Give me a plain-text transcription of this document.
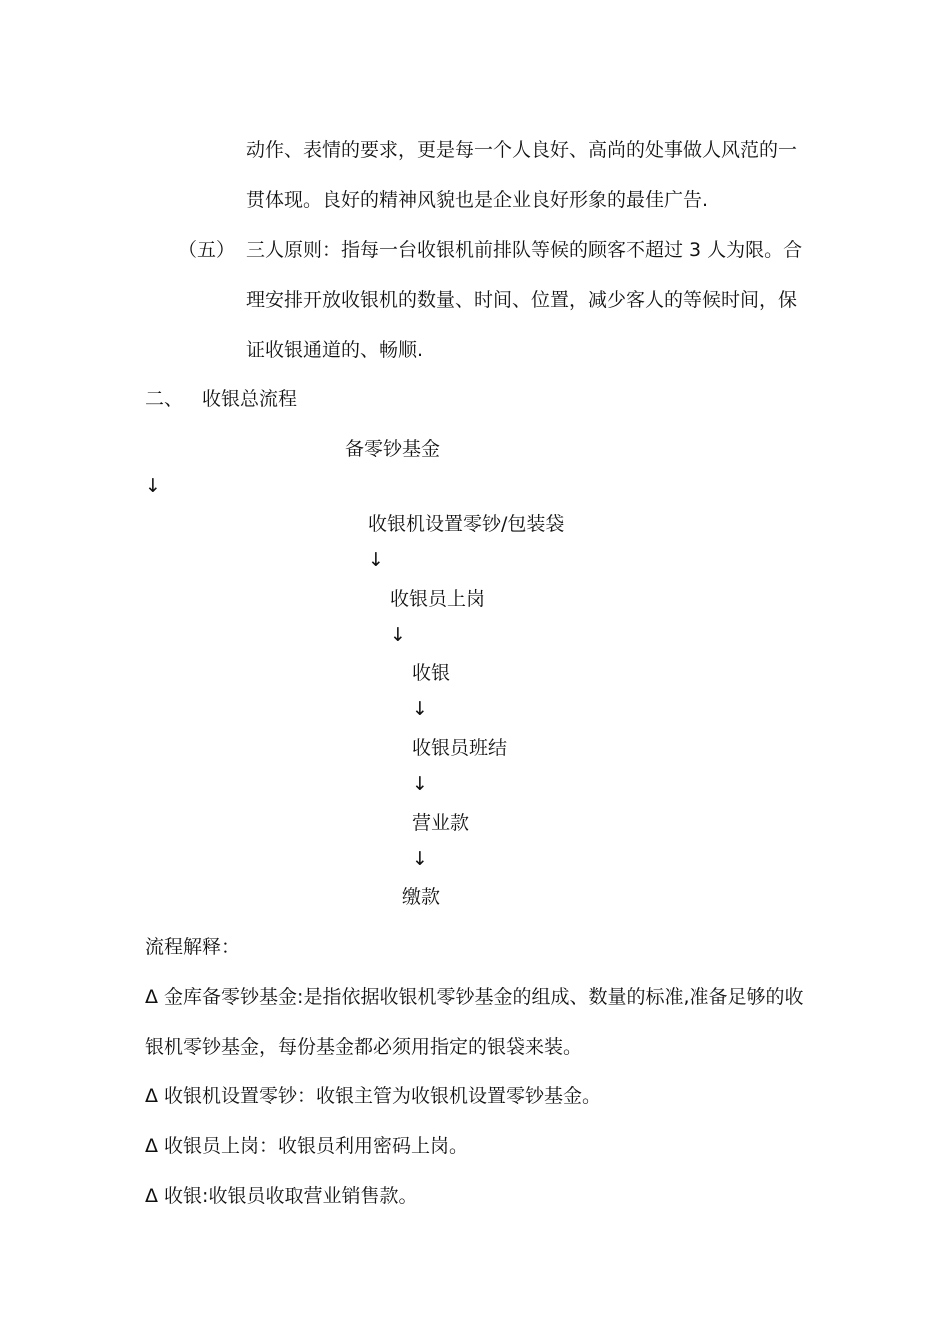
动作、表情的要求，更是每一个人良好、高尚的处事做人风范的一
贯体现。良好的精神风貌也是企业良好形象的最佳广告.
（五） 三人原则：指每一台收银机前排队等候的顾客不超过 3 人为限。合
理安排开放收银机的数量、时间、位置，减少客人的等候时间，保
证收银通道的、畅顺.
二、 收银总流程
备零钞基金
↓
收银机设置零钞/包装袋
↓
收银员上岗
↓
收银
↓
收银员班结
↓
营业款
↓
缴款
流程解释：
Δ 金库备零钞基金:是指依据收银机零钞基金的组成、数量的标准,准备足够的收
银机零钞基金，每份基金都必须用指定的银袋来装。
Δ 收银机设置零钞：收银主管为收银机设置零钞基金。
Δ 收银员上岗：收银员利用密码上岗。
Δ 收银:收银员收取营业销售款。
